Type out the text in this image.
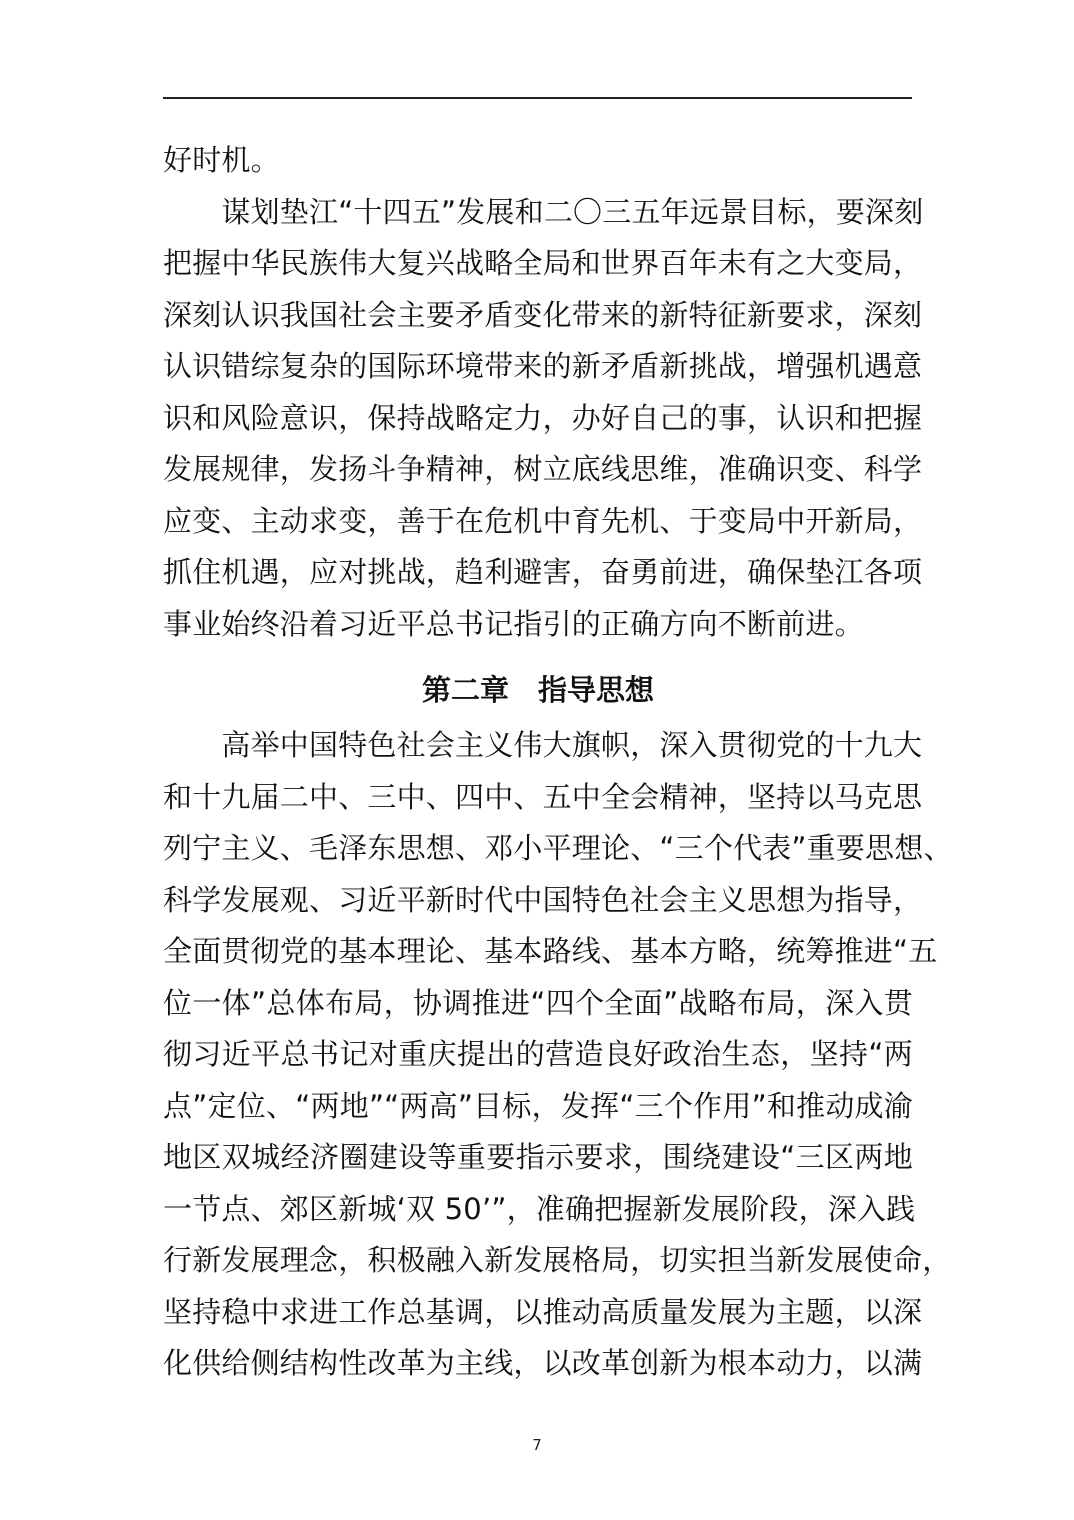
好时机。
　　谋划垫江“十四五”发展和二〇三五年远景目标，要深刻
把握中华民族伟大复兴战略全局和世界百年未有之大变局，
深刻认识我国社会主要矛盾变化带来的新特征新要求，深刻
认识错综复杂的国际环境带来的新矛盾新挑战，增强机遇意
识和风险意识，保持战略定力，办好自己的事，认识和把握
发展规律，发扬斗争精神，树立底线思维，准确识变、科学
应变、主动求变，善于在危机中育先机、于变局中开新局，
抓住机遇，应对挑战，趋利避害，奋勇前进，确保垫江各项
事业始终沿着习近平总书记指引的正确方向不断前进。
第二章　指导思想
　　高举中国特色社会主义伟大旗帜，深入贯彻党的十九大
和十九届二中、三中、四中、五中全会精神，坚持以马克思
列宁主义、毛泽东思想、邓小平理论、“三个代表”重要思想、
科学发展观、习近平新时代中国特色社会主义思想为指导，
全面贯彻党的基本理论、基本路线、基本方略，统筹推进“五
位一体”总体布局，协调推进“四个全面”战略布局，深入贯
彻习近平总书记对重庆提出的营造良好政治生态，坚持“两
点”定位、“两地”“两高”目标，发挥“三个作用”和推动成渝
地区双城经济圈建设等重要指示要求，围绕建设“三区两地
一节点、郊区新城‘双 50’”，准确把握新发展阶段，深入践
行新发展理念，积极融入新发展格局，切实担当新发展使命，
坚持稳中求进工作总基调，以推动高质量发展为主题，以深
化供给侧结构性改革为主线，以改革创新为根本动力，以满
7
